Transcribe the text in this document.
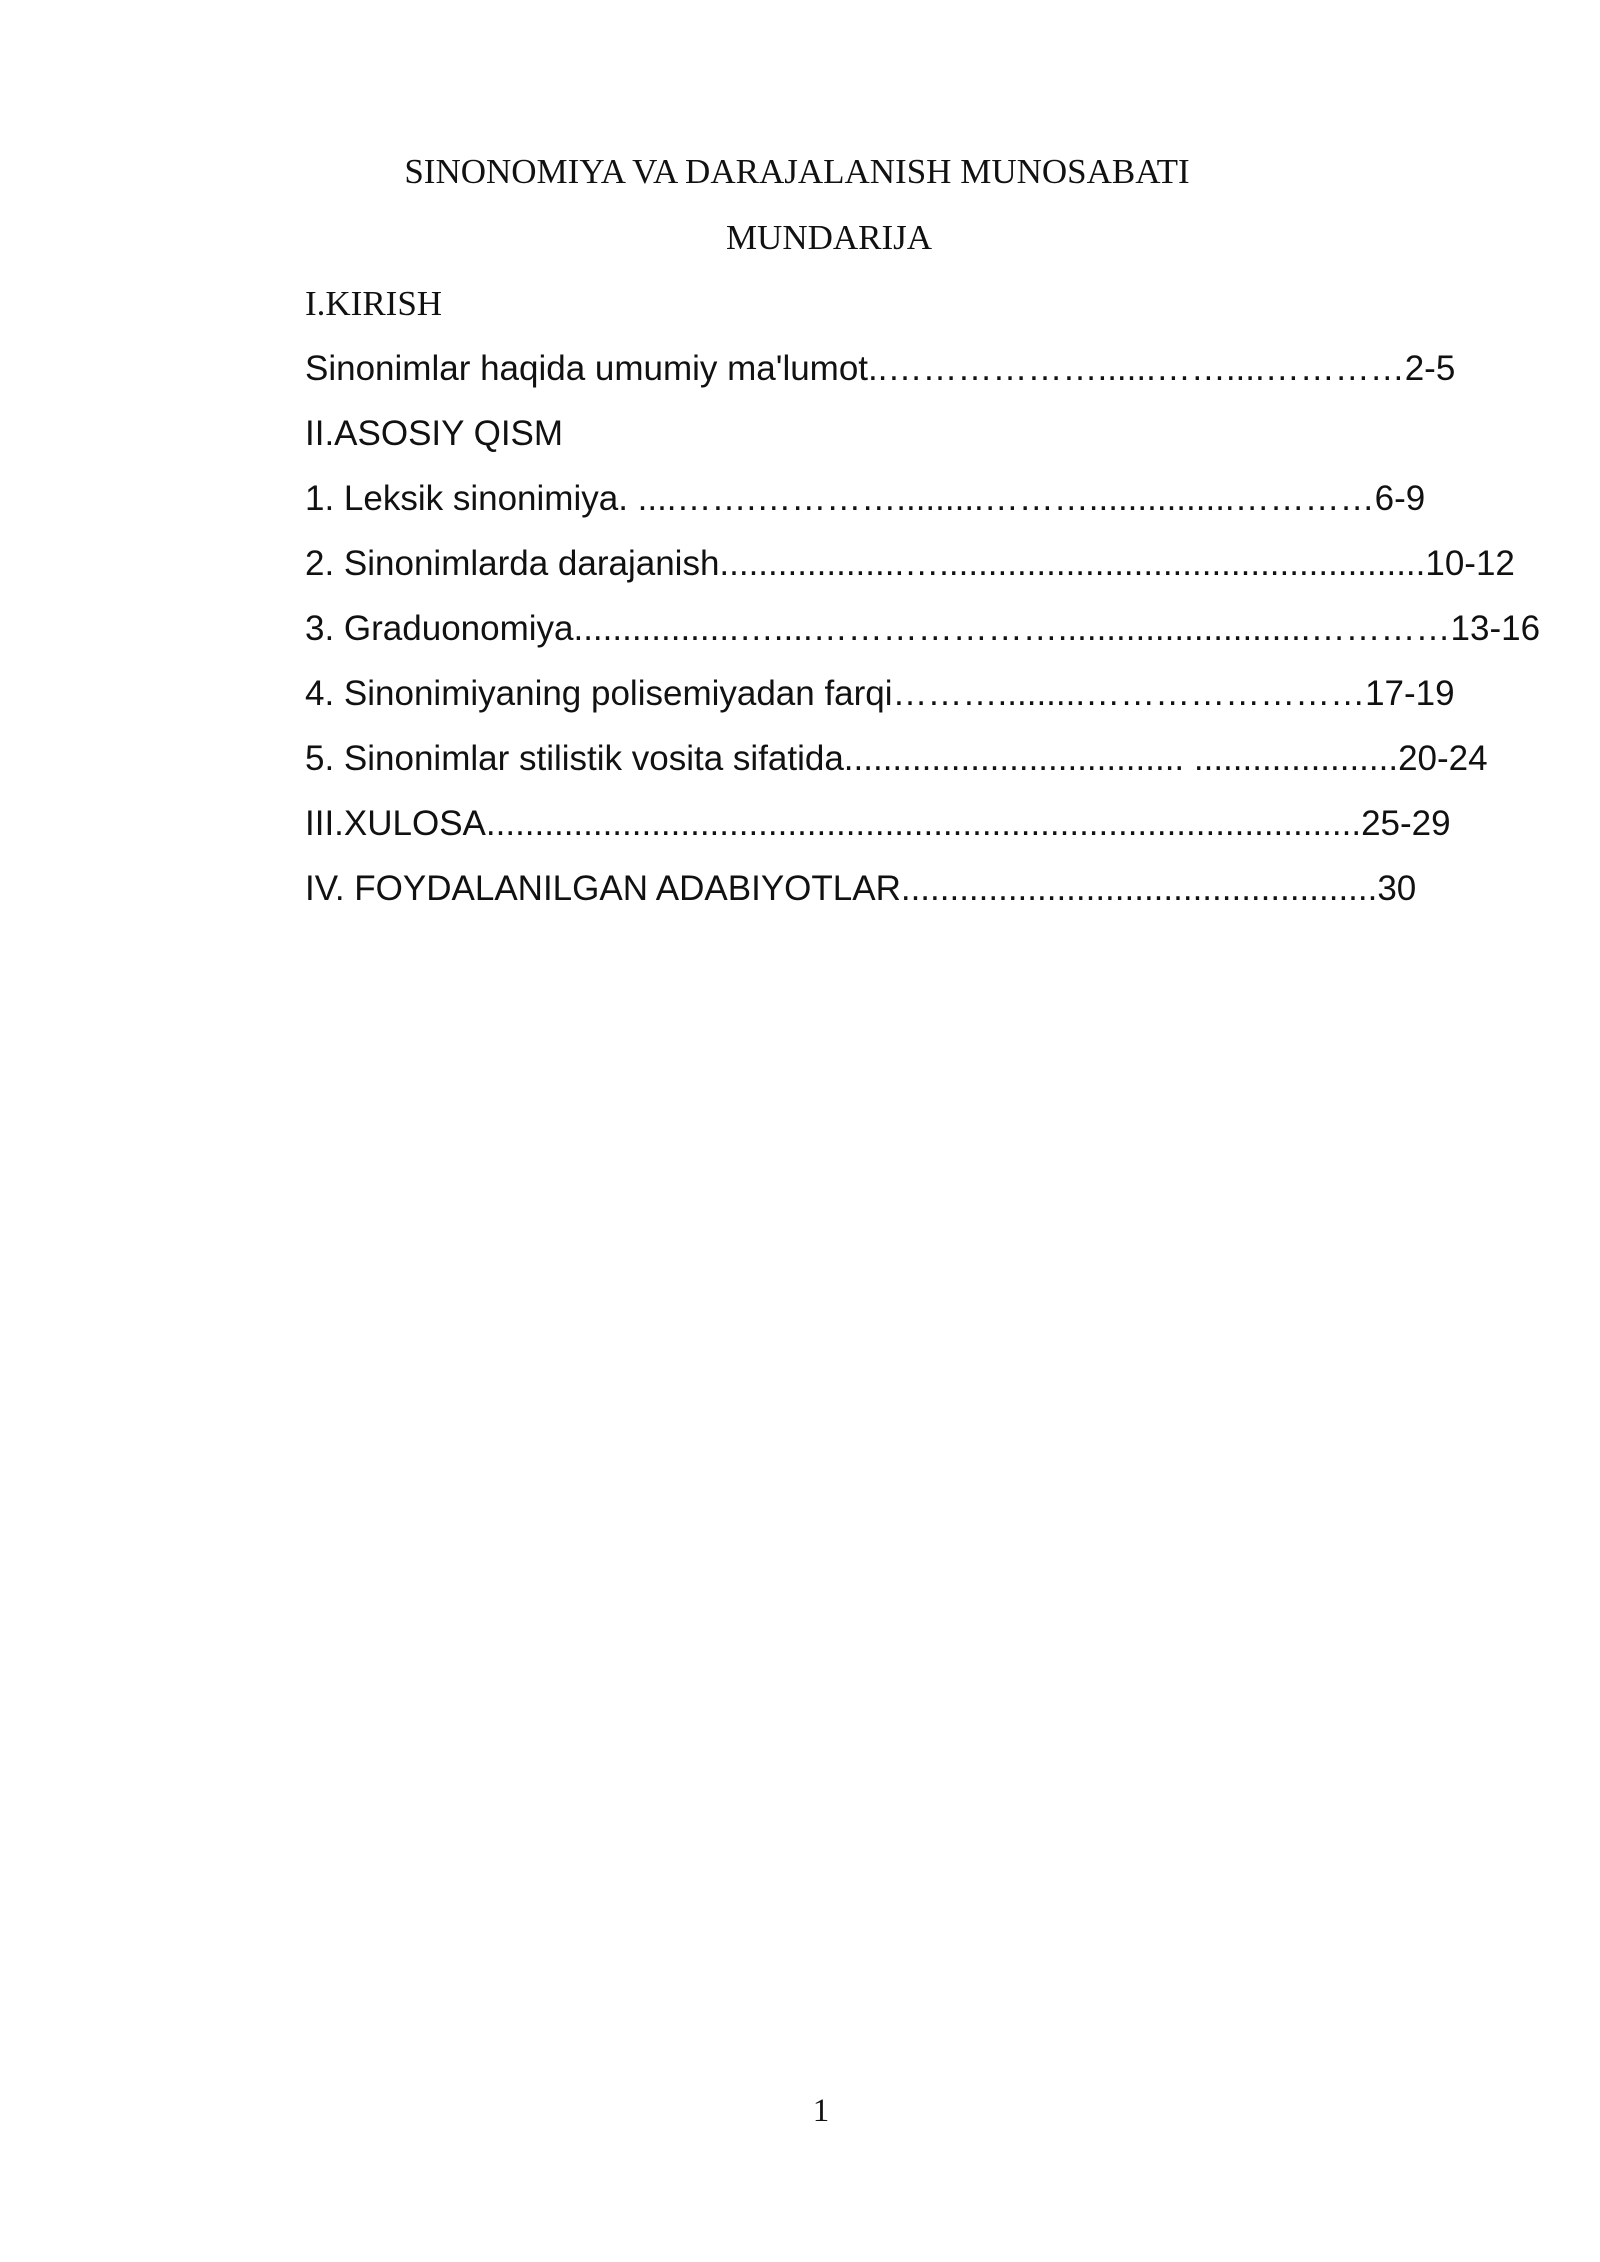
SINONOMIYA VA DARAJALANISH MUNOSABATI
MUNDARIJA
I.KIRISH
Sinonimlar haqida umumiy ma'lumot..………………......……....…………2-5
II.ASOSIY QISM
1. Leksik sinonimiya. ....…….………….........………...............…………6-9
2. Sinonimlarda darajanish...................…..................................................10-12
3. Graduonomiya.................…....…………………..........................…………13-16
4. Sinonimiyaning polisemiyadan farqi……….........……………………17-19
5. Sinonimlar stilistik vosita sifatida................................... .....................20-24
III.XULOSA..........................................................................................25-29
IV. FOYDALANILGAN ADABIYOTLAR.................................................30
1
